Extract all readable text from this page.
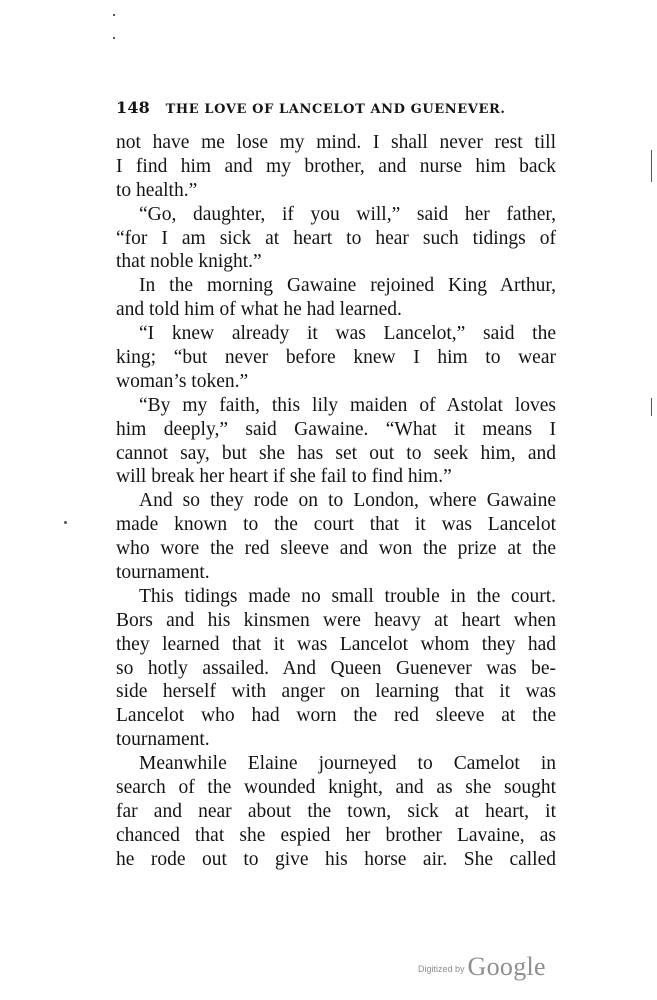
148 THE LOVE OF LANCELOT AND GUENEVER.
not have me lose my mind. I shall never rest till
I find him and my brother, and nurse him back
to health.”
“Go, daughter, if you will,” said her father,
“for I am sick at heart to hear such tidings of
that noble knight.”
In the morning Gawaine rejoined King Arthur,
and told him of what he had learned.
“I knew already it was Lancelot,” said the
king; “but never before knew I him to wear
woman’s token.”
“By my faith, this lily maiden of Astolat loves
him deeply,” said Gawaine. “What it means I
cannot say, but she has set out to seek him, and
will break her heart if she fail to find him.”
And so they rode on to London, where Gawaine
made known to the court that it was Lancelot
who wore the red sleeve and won the prize at the
tournament.
This tidings made no small trouble in the court.
Bors and his kinsmen were heavy at heart when
they learned that it was Lancelot whom they had
so hotly assailed. And Queen Guenever was be-
side herself with anger on learning that it was
Lancelot who had worn the red sleeve at the
tournament.
Meanwhile Elaine journeyed to Camelot in
search of the wounded knight, and as she sought
far and near about the town, sick at heart, it
chanced that she espied her brother Lavaine, as
he rode out to give his horse air. She called
Digitized by Google
